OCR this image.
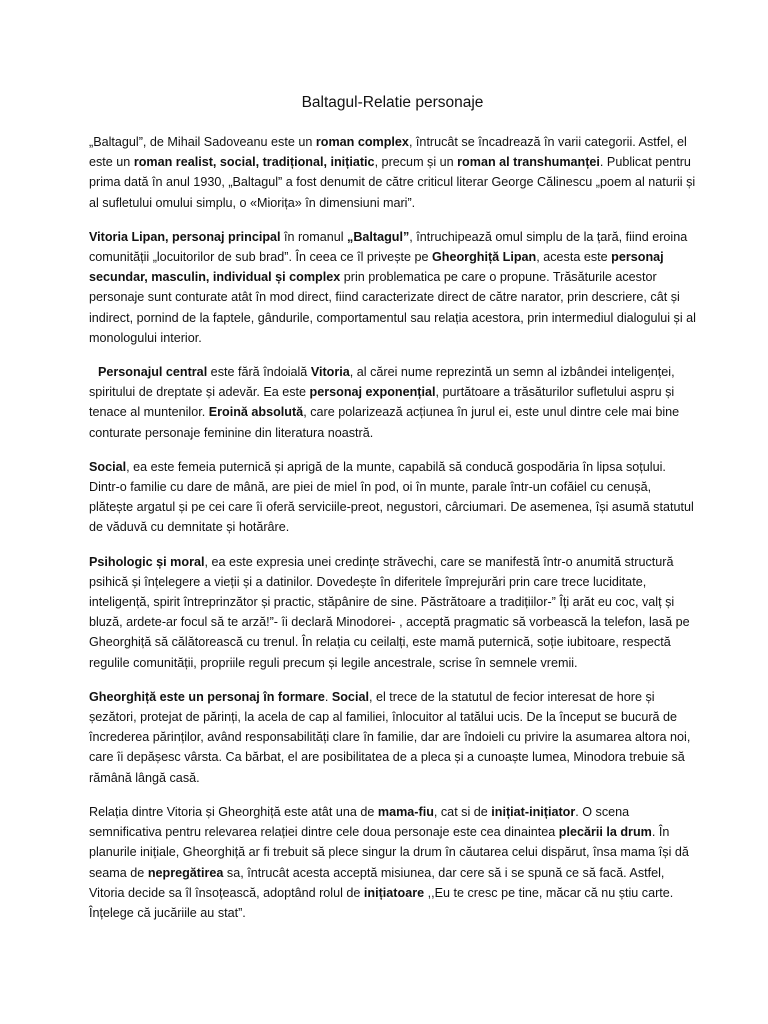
Baltagul-Relatie personaje

„Baltagul”, de Mihail Sadoveanu este un roman complex, întrucât se încadrează în varii categorii. Astfel, el este un roman realist, social, tradițional, inițiatic, precum și un roman al transhumanței. Publicat pentru prima dată în anul 1930, „Baltagul” a fost denumit de către criticul literar George Călinescu „poem al naturii și al sufletului omului simplu, o «Miorița» în dimensiuni mari”.

Vitoria Lipan, personaj principal în romanul „Baltagul”, întruchipează omul simplu de la țară, fiind eroina comunității „locuitorilor de sub brad”. În ceea ce îl privește pe Gheorghiță Lipan, acesta este personaj secundar, masculin, individual și complex prin problematica pe care o propune. Trăsăturile acestor personaje sunt conturate atât în mod direct, fiind caracterizate direct de către narator, prin descriere, cât și indirect, pornind de la faptele, gândurile, comportamentul sau relația acestora, prin intermediul dialogului și al monologului interior.

Personajul central este fără îndoială Vitoria, al cărei nume reprezintă un semn al izbândei inteligenței, spiritului de dreptate și adevăr. Ea este personaj exponențial, purtătoare a trăsăturilor sufletului aspru și tenace al muntenilor. Eroină absolută, care polarizează acțiunea în jurul ei, este unul dintre cele mai bine conturate personaje feminine din literatura noastră.

Social, ea este femeia puternică și aprigă de la munte, capabilă să conducă gospodăria în lipsa soțului. Dintr-o familie cu dare de mână, are piei de miel în pod, oi în munte, parale într-un cofăiel cu cenușă, plătește argatul și pe cei care îi oferă serviciile-preot, negustori, cârciumari. De asemenea, își asumă statutul de văduvă cu demnitate și hotărâre.

Psihologic și moral, ea este expresia unei credințe străvechi, care se manifestă într-o anumită structură psihică și înțelegere a vieții și a datinilor. Dovedește în diferitele împrejurări prin care trece luciditate, inteligență, spirit întreprinzător și practic, stăpânire de sine. Păstrătoare a tradițiilor-” Îți arăt eu coc, valț și bluză, ardete-ar focul să te arză!”- îi declară Minodorei- , acceptă pragmatic să vorbească la telefon, lasă pe Gheorghiță să călătorească cu trenul. În relația cu ceilalți, este mamă puternică, soție iubitoare, respectă regulile comunității, propriile reguli precum și legile ancestrale, scrise în semnele vremii.

Gheorghiță este un personaj în formare. Social, el trece de la statutul de fecior interesat de hore și șezători, protejat de părinți, la acela de cap al familiei, înlocuitor al tatălui ucis. De la început se bucură de încrederea părinților, având responsabilități clare în familie, dar are îndoieli cu privire la asumarea altora noi, care îi depășesc vârsta. Ca bărbat, el are posibilitatea de a pleca și a cunoaște lumea, Minodora trebuie să rămână lângă casă.

Relația dintre Vitoria și Gheorghiță este atât una de mama-fiu, cat si de inițiat-inițiator. O scena semnificativa pentru relevarea relației dintre cele doua personaje este cea dinaintea plecării la drum. În planurile inițiale, Gheorghiță ar fi trebuit să plece singur la drum în căutarea celui dispărut, însa mama își dă seama de nepregătirea sa, întrucât acesta acceptă misiunea, dar cere să i se spună ce să facă. Astfel, Vitoria decide sa îl însoțească, adoptând rolul de inițiatoare ,,Eu te cresc pe tine, măcar că nu știu carte. Înțelege că jucăriile au stat”.
